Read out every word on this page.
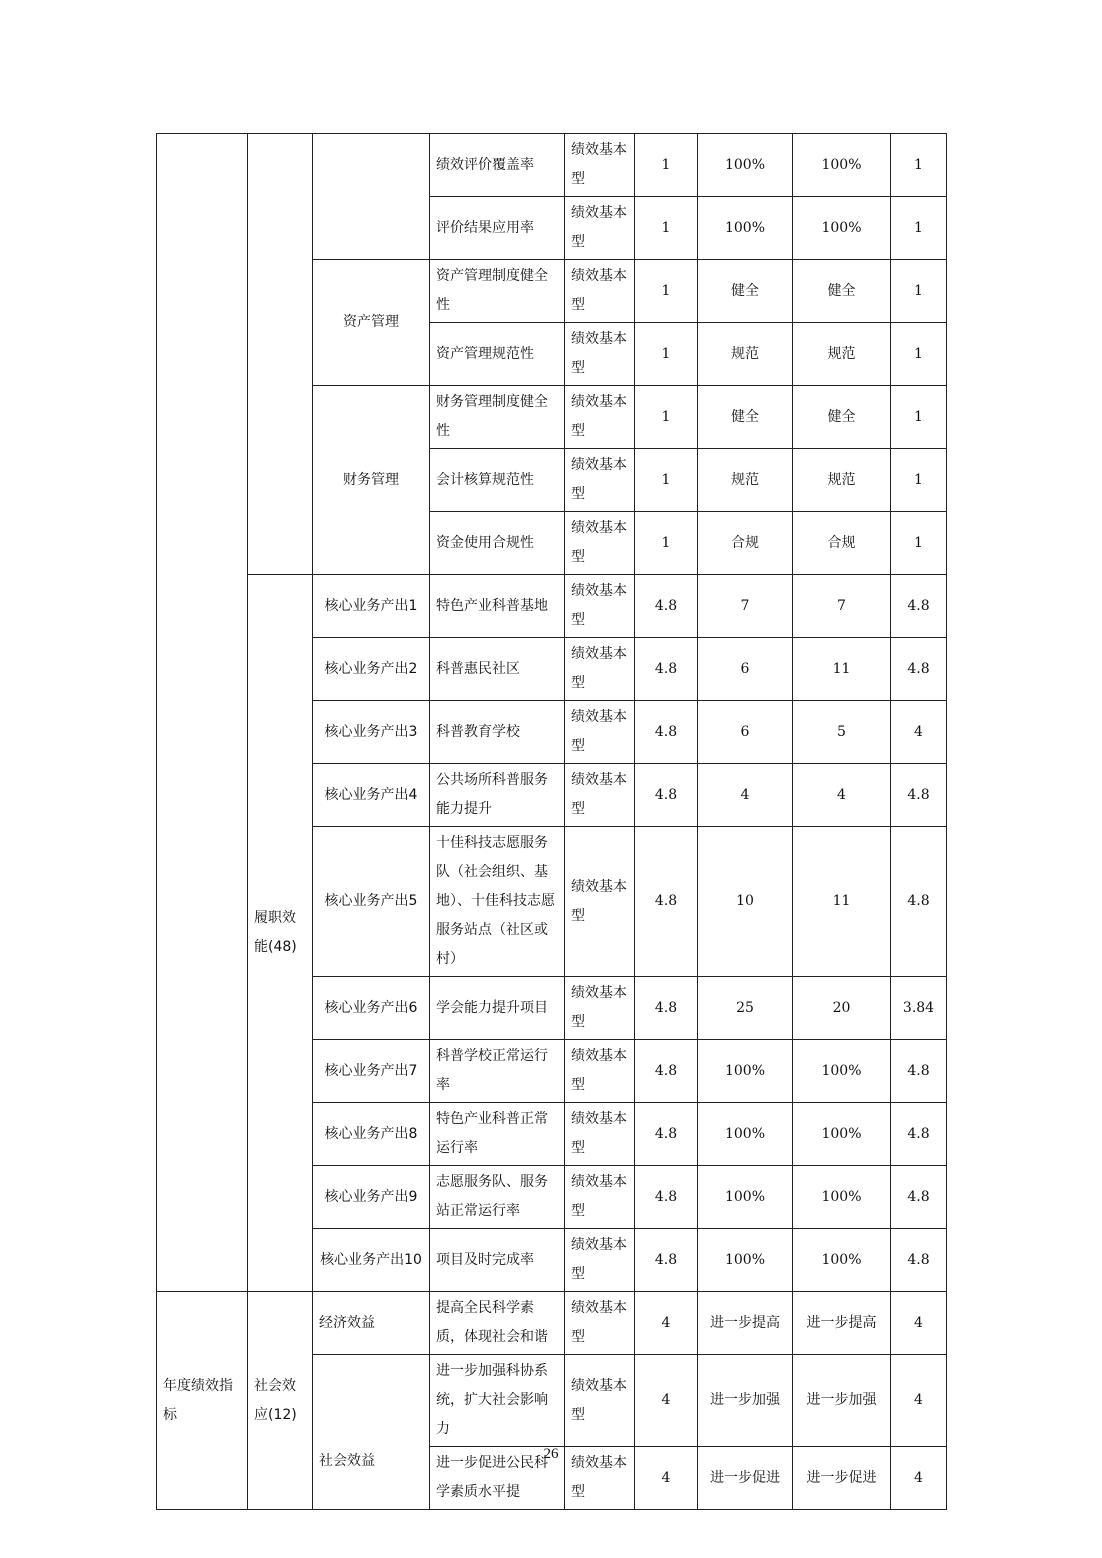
			绩效评价覆盖率	绩效基本型	1	100%	100%	1
			评价结果应用率	绩效基本型	1	100%	100%	1
		资产管理	资产管理制度健全性	绩效基本型	1	健全	健全	1
			资产管理规范性	绩效基本型	1	规范	规范	1
		财务管理	财务管理制度健全性	绩效基本型	1	健全	健全	1
			会计核算规范性	绩效基本型	1	规范	规范	1
			资金使用合规性	绩效基本型	1	合规	合规	1
	履职效能(48)	核心业务产出1	特色产业科普基地	绩效基本型	4.8	7	7	4.8
		核心业务产出2	科普惠民社区	绩效基本型	4.8	6	11	4.8
		核心业务产出3	科普教育学校	绩效基本型	4.8	6	5	4
		核心业务产出4	公共场所科普服务能力提升	绩效基本型	4.8	4	4	4.8
		核心业务产出5	十佳科技志愿服务队（社会组织、基地）、十佳科技志愿服务站点（社区或村）	绩效基本型	4.8	10	11	4.8
		核心业务产出6	学会能力提升项目	绩效基本型	4.8	25	20	3.84
		核心业务产出7	科普学校正常运行率	绩效基本型	4.8	100%	100%	4.8
		核心业务产出8	特色产业科普正常运行率	绩效基本型	4.8	100%	100%	4.8
		核心业务产出9	志愿服务队、服务站正常运行率	绩效基本型	4.8	100%	100%	4.8
		核心业务产出10	项目及时完成率	绩效基本型	4.8	100%	100%	4.8
年度绩效指标	社会效应(12)	经济效益	提高全民科学素质，体现社会和谐	绩效基本型	4	进一步提高	进一步提高	4
		社会效益	进一步加强科协系统，扩大社会影响力	绩效基本型	4	进一步加强	进一步加强	4
			进一步促进公民科学素质水平提	绩效基本型	4	进一步促进	进一步促进	4
26
